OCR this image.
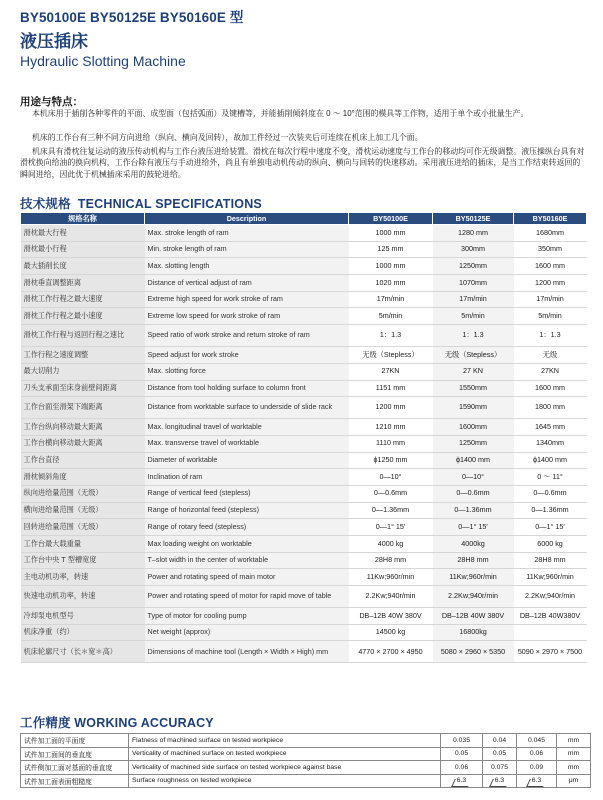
BY50100E BY50125E BY50160E 型
液压插床
Hydraulic Slotting Machine
用途与特点：
本机床用于插削各种零件的平面、成型面（包括弧面）及键槽等，并能插削倾斜度在 0 ～ 10°范围的模具等工作物，适用于单个或小批量生产。
机床的工作台有三种不同方向进给（纵向、横向及回转），故加工件经过一次装夹后可连续在机床上加工几个面。
机床具有滑枕往复运动的液压传动机构与工作台液压进给装置。滑枕在每次行程中速度不变，滑枕运动速度与工作台的移动均可作无级调整。液压操纵台具有对滑枕换向给油的换向机构，工作台除有液压与手动进给外，尚且有单独电动机传动的纵向、横向与回转的快速移动。采用液压进给的插床，是当工作结束转返回的瞬间进给，因此优于机械插床采用的鼓轮进给。
技术规格 TECHNICAL SPECIFICATIONS
规格名称	Description	BY50100E	BY50125E	BY50160E
滑枕最大行程	Max. stroke length of ram	1000 mm	1280 mm	1680mm
滑枕最小行程	Min. stroke length of ram	125 mm	300mm	350mm
最大插削长度	Max. slotting length	1000 mm	1250mm	1600 mm
滑枕垂直调整距离	Distance of vertical adjust of ram	1020 mm	1070mm	1200 mm
滑枕工作行程之最大速度	Extreme high speed for work stroke of ram	17m/min	17m/min	17m/min
滑枕工作行程之最小速度	Extreme low speed for work stroke of ram	5m/min	5m/min	5m/min
滑枕工作行程与返回行程之速比	Speed ratio of work stroke and return stroke of ram	1：1.3	1：1.3	1：1.3
工作行程之速度调整	Speed adjust for work stroke	无级（Stepless）	无级（Stepless）	无级
最大切削力	Max. slotting force	27KN	27 KN	27KN
刀头支承面至床身前壁间距离	Distance from tool holding surface to column front	1151 mm	1550mm	1600 mm
工作台面至滑架下端距离	Distance from worktable surface to underside of slide rack	1200 mm	1590mm	1800 mm
工作台纵向移动最大距离	Max. longitudinal travel of worktable	1210 mm	1600mm	1645 mm
工作台横向移动最大距离	Max. transverse travel of worktable	1110 mm	1250mm	1340mm
工作台直径	Diameter of worktable	ϕ1250 mm	ϕ1400 mm	ϕ1400 mm
滑枕倾斜角度	Inclination of ram	0—10°	0—10°	0 ～ 11°
纵向进给量范围（无级）	Range of vertical feed (stepless)	0—0.6mm	0—0.6mm	0—0.6mm
横向进给量范围（无级）	Range of horizontal feed (stepless)	0—1.36mm	0—1.36mm	0—1.36mm
回转进给量范围（无级）	Range of rotary feed (stepless)	0—1° 15′	0—1° 15′	0—1° 15′
工作台最大载重量	Max loading weight on worktable	4000 kg	4000kg	6000 kg
工作台中央 T 型槽宽度	T–slot width in the center of worktable	28H8 mm	28H8 mm	28H8 mm
主电动机功率，转速	Power and rotating speed of main motor	11Kw;960r/min	11Kw;960r/min	11Kw;960r/min
快速电动机功率，转速	Power and rotating speed of motor for rapid move of table	2.2Kw;940r/min	2.2Kw;940r/min	2.2Kw;940r/min
冷却泵电机型号	Type of motor for cooling pump	DB–12B 40W 380V	DB–12B 40W 380V	DB–12B 40W380V
机床净重（约）	Net weight (approx)	14500 kg	16800kg	
机床轮廓尺寸（长＊宽＊高）	Dimensions of machine tool (Length × Width × High) mm	4770 × 2700 × 4950	5080 × 2960 × 5350	5090 × 2970 × 7500
工作精度 WORKING ACCURACY
试件加工面的平面度	Flatness of machined surface on tested workpiece	0.035	0.04	0.045	mm
试件加工面间的垂直度	Verticality of machined surface on tested workpiece	0.05	0.05	0.06	mm
试件侧加工面对基面的垂直度	Verticality of machined side surface on tested workpiece against base	0.06	0.075	0.09	mm
试件加工面表面粗糙度	Surface roughness on tested workpiece	6.3	6.3	6.3	μm
